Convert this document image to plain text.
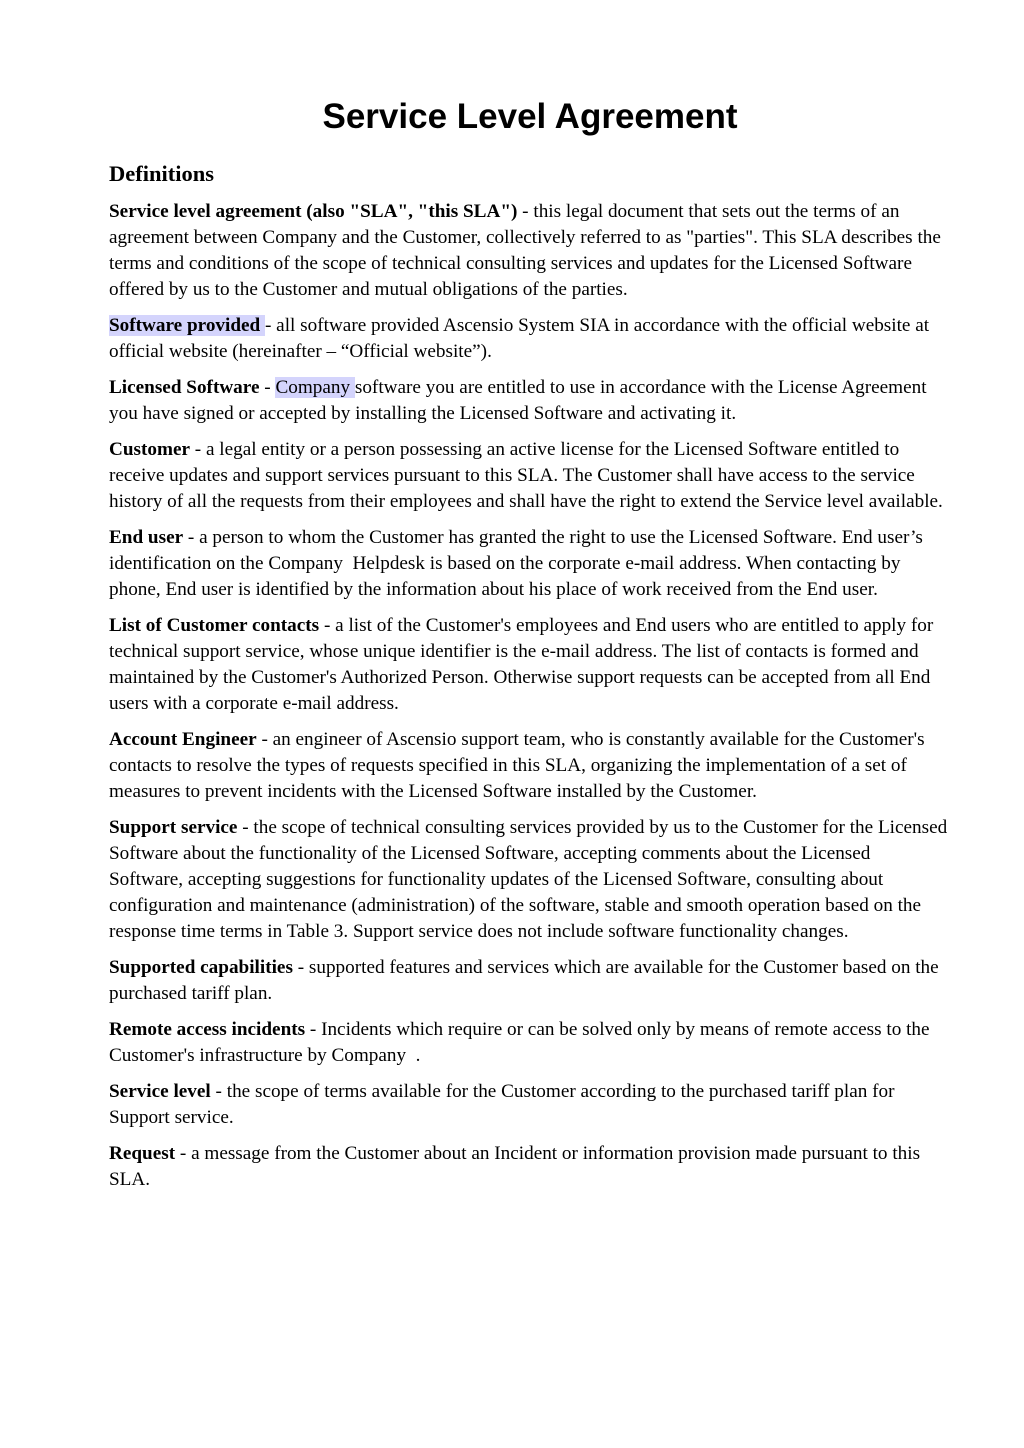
Service Level Agreement
Definitions

Service level agreement (also "SLA", "this SLA") - this legal document that sets out the terms of an agreement between Company and the Customer, collectively referred to as "parties". This SLA describes the terms and conditions of the scope of technical consulting services and updates for the Licensed Software offered by us to the Customer and mutual obligations of the parties.

Software provided - all software provided Ascensio System SIA in accordance with the official website at official website (hereinafter – “Official website”).

Licensed Software - Company software you are entitled to use in accordance with the License Agreement you have signed or accepted by installing the Licensed Software and activating it.

Customer - a legal entity or a person possessing an active license for the Licensed Software entitled to receive updates and support services pursuant to this SLA. The Customer shall have access to the service history of all the requests from their employees and shall have the right to extend the Service level available.

End user - a person to whom the Customer has granted the right to use the Licensed Software. End user’s identification on the Company  Helpdesk is based on the corporate e-mail address. When contacting by phone, End user is identified by the information about his place of work received from the End user.

List of Customer contacts - a list of the Customer's employees and End users who are entitled to apply for technical support service, whose unique identifier is the e-mail address. The list of contacts is formed and maintained by the Customer's Authorized Person. Otherwise support requests can be accepted from all End users with a corporate e-mail address.

Account Engineer - an engineer of Ascensio support team, who is constantly available for the Customer's contacts to resolve the types of requests specified in this SLA, organizing the implementation of a set of measures to prevent incidents with the Licensed Software installed by the Customer.

Support service - the scope of technical consulting services provided by us to the Customer for the Licensed Software about the functionality of the Licensed Software, accepting comments about the Licensed Software, accepting suggestions for functionality updates of the Licensed Software, consulting about configuration and maintenance (administration) of the software, stable and smooth operation based on the  response time terms in Table 3. Support service does not include software functionality changes.

Supported capabilities - supported features and services which are available for the Customer based on the purchased tariff plan.

Remote access incidents - Incidents which require or can be solved only by means of remote access to the Customer's infrastructure by Company  .

Service level - the scope of terms available for the Customer according to the purchased tariff plan for Support service.

Request - a message from the Customer about an Incident or information provision made pursuant to this SLA.
